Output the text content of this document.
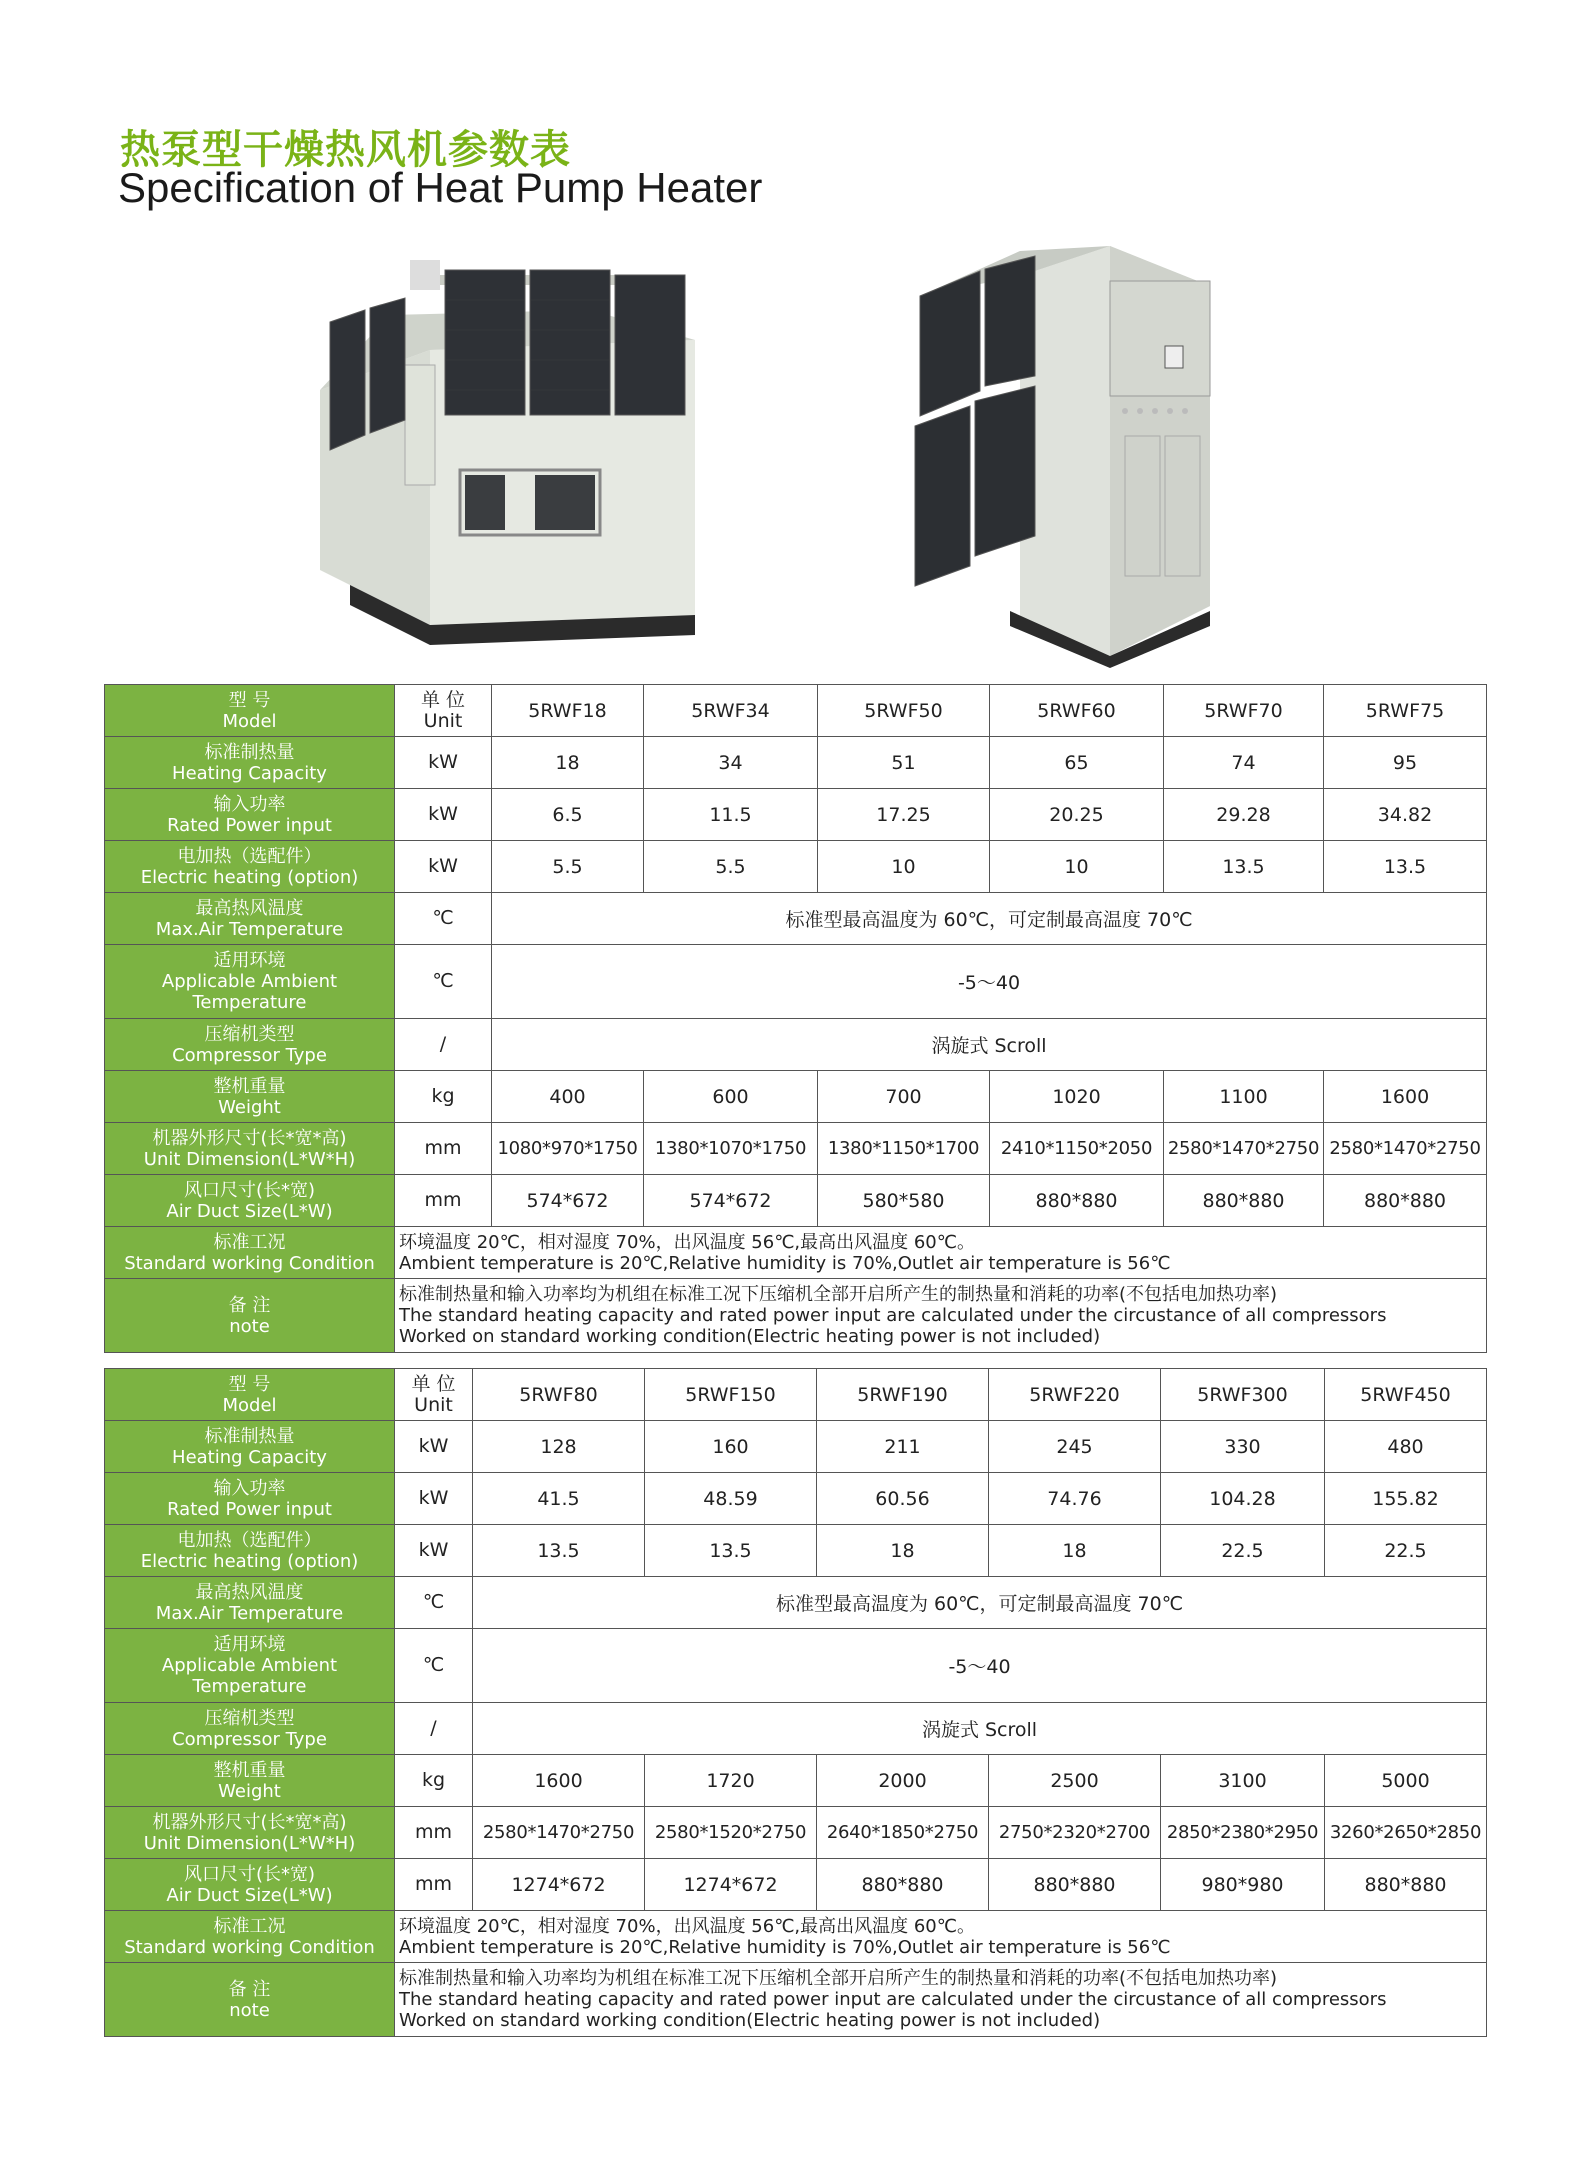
热泵型干燥热风机参数表
Specification of Heat Pump Heater
型 号
Model	单 位
Unit	5RWF18	5RWF34	5RWF50	5RWF60	5RWF70	5RWF75

标准制热量
Heating Capacity	kW	18	34	51	65	74	95

输入功率
Rated Power input	kW	6.5	11.5	17.25	20.25	29.28	34.82

电加热（选配件）
Electric heating (option)	kW	5.5	5.5	10	10	13.5	13.5

最高热风温度
Max.Air Temperature	℃	标准型最高温度为 60℃，可定制最高温度 70℃					

适用环境
Applicable Ambient
Temperature	℃	-5～40					

压缩机类型
Compressor Type	/	涡旋式 Scroll					

整机重量
Weight	kg	400	600	700	1020	1100	1600

机器外形尺寸(长*宽*高)
Unit Dimension(L*W*H)	mm	1080*970*1750	1380*1070*1750	1380*1150*1700	2410*1150*2050	2580*1470*2750	2580*1470*2750

风口尺寸(长*宽)
Air Duct Size(L*W)	mm	574*672	574*672	580*580	880*880	880*880	880*880

标准工况
Standard working Condition	环境温度 20℃，相对湿度 70%，出风温度 56℃,最高出风温度 60℃。
Ambient temperature is 20℃,Relative humidity is 70%,Outlet air temperature is 56℃						

备 注
note	标准制热量和输入功率均为机组在标准工况下压缩机全部开启所产生的制热量和消耗的功率(不包括电加热功率)
The standard heating capacity and rated power input are calculated under the circustance of all compressors
Worked on standard working condition(Electric heating power is not included)						
型 号
Model	单 位
Unit	5RWF80	5RWF150	5RWF190	5RWF220	5RWF300	5RWF450

标准制热量
Heating Capacity	kW	128	160	211	245	330	480

输入功率
Rated Power input	kW	41.5	48.59	60.56	74.76	104.28	155.82

电加热（选配件）
Electric heating (option)	kW	13.5	13.5	18	18	22.5	22.5

最高热风温度
Max.Air Temperature	℃	标准型最高温度为 60℃，可定制最高温度 70℃					

适用环境
Applicable Ambient
Temperature	℃	-5～40					

压缩机类型
Compressor Type	/	涡旋式 Scroll					

整机重量
Weight	kg	1600	1720	2000	2500	3100	5000

机器外形尺寸(长*宽*高)
Unit Dimension(L*W*H)	mm	2580*1470*2750	2580*1520*2750	2640*1850*2750	2750*2320*2700	2850*2380*2950	3260*2650*2850

风口尺寸(长*宽)
Air Duct Size(L*W)	mm	1274*672	1274*672	880*880	880*880	980*980	880*880

标准工况
Standard working Condition	环境温度 20℃，相对湿度 70%，出风温度 56℃,最高出风温度 60℃。
Ambient temperature is 20℃,Relative humidity is 70%,Outlet air temperature is 56℃						

备 注
note	标准制热量和输入功率均为机组在标准工况下压缩机全部开启所产生的制热量和消耗的功率(不包括电加热功率)
The standard heating capacity and rated power input are calculated under the circustance of all compressors
Worked on standard working condition(Electric heating power is not included)						
